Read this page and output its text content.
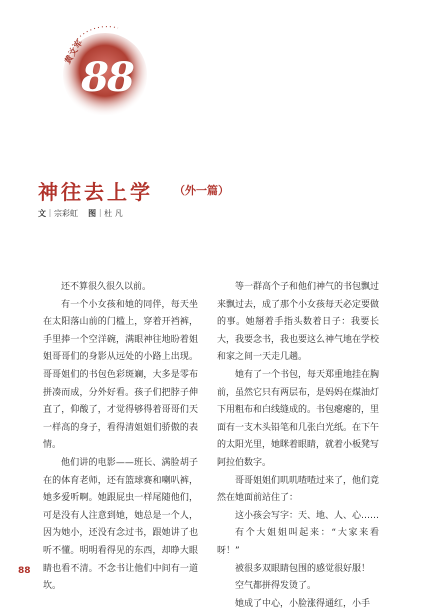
黄文军
88
神往去上学 （外一篇）
文｜宗彩虹 图｜杜 凡

还不算很久很久以前。

有一个小女孩和她的同伴，每天坐在太阳落山前的门槛上，穿着开裆裤，手里捧一个空洋碗，满眼神往地盼着姐姐哥哥们的身影从远处的小路上出现。哥哥姐们的书包色彩斑斓，大多是零布拼凑而成，分外好看。孩子们把脖子伸直了，仰酸了，才觉得够得着哥哥们天一样高的身子，看得清姐姐们骄傲的表情。

他们讲的电影——班长、满脸胡子在的体育老师，还有篮球赛和喇叭裤，她多爱听啊。她跟屁虫一样尾随他们，可是没有人注意到她，她总是一个人，因为她小，还没有念过书，跟她讲了也听不懂。明明看得见的东西，却睁大眼睛也看不清。不念书让他们中间有一道坎。

等一群高个子和他们神气的书包飘过来飘过去，成了那个小女孩每天必定要做的事。她掰着手指头数着日子：我要长大，我要念书，我也要这么神气地在学校和家之间一天走几趟。

她有了一个书包，每天郑重地挂在胸前，虽然它只有两层布，是妈妈在煤油灯下用粗布和白线缝成的。书包瘪瘪的，里面有一支木头铅笔和几张白光纸。在下午的太阳光里，她眯着眼睛，就着小板凳写阿拉伯数字。

哥哥姐姐们叽叽喳喳过来了，他们竟然在她面前站住了：

这小孩会写字：天、地、人、心……

有个大姐姐叫起来：“大家来看呀！”

被很多双眼睛包围的感觉很好服！

空气都拼得发烫了。

她成了中心，小脸涨得通红，小手

88
